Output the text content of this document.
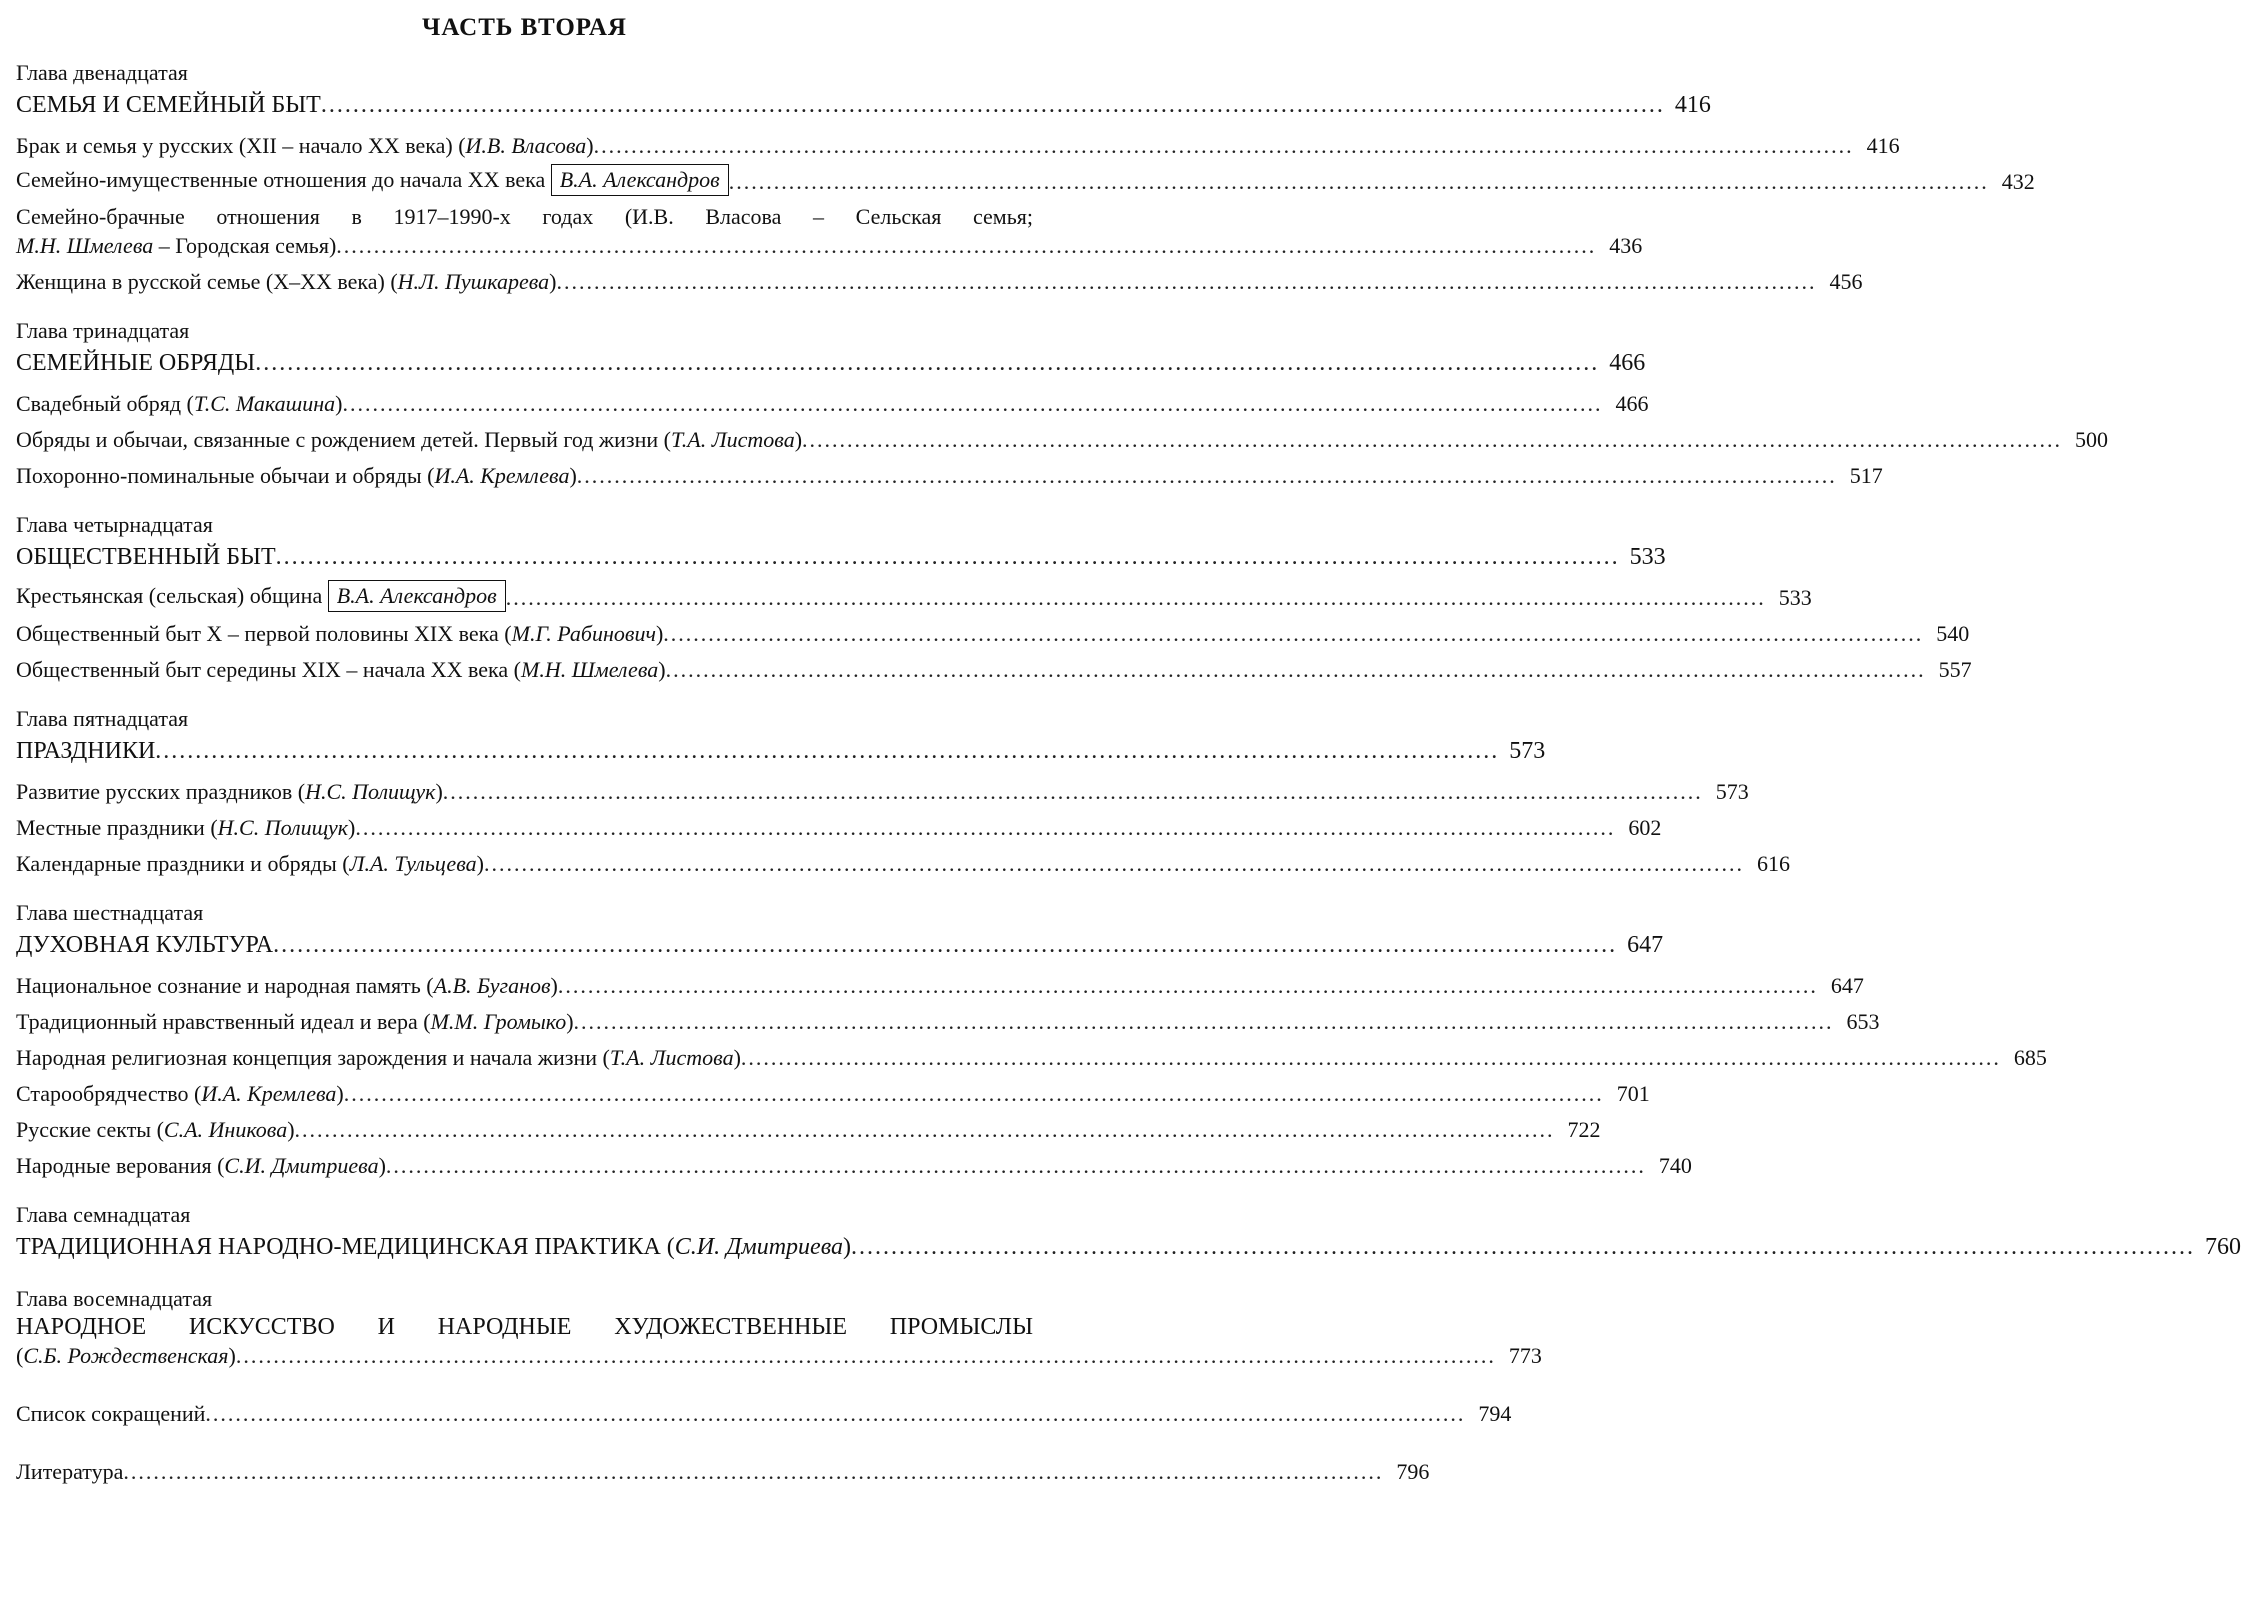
ЧАСТЬ ВТОРАЯ
Глава двенадцатая
СЕМЬЯ И СЕМЕЙНЫЙ БЫТ ........................................................................................................................................................................ 416
Брак и семья у русских (XII – начало XX века) (И.В. Власова) ........................................................................................................................................................................ 416
Семейно-имущественные отношения до начала XX века В.А. Александров ........................................................................................................................................................................ 432
Семейно-брачные отношения в 1917–1990-х годах (И.В. Власова – Сельская семья;
М.Н. Шмелева – Городская семья) ........................................................................................................................................................................ 436
Женщина в русской семье (X–XX века) (Н.Л. Пушкарева) ........................................................................................................................................................................ 456
Глава тринадцатая
СЕМЕЙНЫЕ ОБРЯДЫ ........................................................................................................................................................................ 466
Свадебный обряд (Т.С. Макашина) ........................................................................................................................................................................ 466
Обряды и обычаи, связанные с рождением детей. Первый год жизни (Т.А. Листова) ........................................................................................................................................................................ 500
Похоронно-поминальные обычаи и обряды (И.А. Кремлева) ........................................................................................................................................................................ 517
Глава четырнадцатая
ОБЩЕСТВЕННЫЙ БЫТ ........................................................................................................................................................................ 533
Крестьянская (сельская) община В.А. Александров ........................................................................................................................................................................ 533
Общественный быт X – первой половины XIX века (М.Г. Рабинович) ........................................................................................................................................................................ 540
Общественный быт середины XIX – начала XX века (М.Н. Шмелева) ........................................................................................................................................................................ 557
Глава пятнадцатая
ПРАЗДНИКИ ........................................................................................................................................................................ 573
Развитие русских праздников (Н.С. Полищук) ........................................................................................................................................................................ 573
Местные праздники (Н.С. Полищук) ........................................................................................................................................................................ 602
Календарные праздники и обряды (Л.А. Тульцева) ........................................................................................................................................................................ 616
Глава шестнадцатая
ДУХОВНАЯ КУЛЬТУРА ........................................................................................................................................................................ 647
Национальное сознание и народная память (А.В. Буганов) ........................................................................................................................................................................ 647
Традиционный нравственный идеал и вера (М.М. Громыко) ........................................................................................................................................................................ 653
Народная религиозная концепция зарождения и начала жизни (Т.А. Листова) ........................................................................................................................................................................ 685
Старообрядчество (И.А. Кремлева) ........................................................................................................................................................................ 701
Русские секты (С.А. Иникова) ........................................................................................................................................................................ 722
Народные верования (С.И. Дмитриева) ........................................................................................................................................................................ 740
Глава семнадцатая
ТРАДИЦИОННАЯ НАРОДНО-МЕДИЦИНСКАЯ ПРАКТИКА (С.И. Дмитриева) ........................................................................................................................................................................ 760
Глава восемнадцатая
НАРОДНОЕ ИСКУССТВО И НАРОДНЫЕ ХУДОЖЕСТВЕННЫЕ ПРОМЫСЛЫ
(С.Б. Рождественская) ........................................................................................................................................................................ 773
Список сокращений ........................................................................................................................................................................ 794
Литература ........................................................................................................................................................................ 796
